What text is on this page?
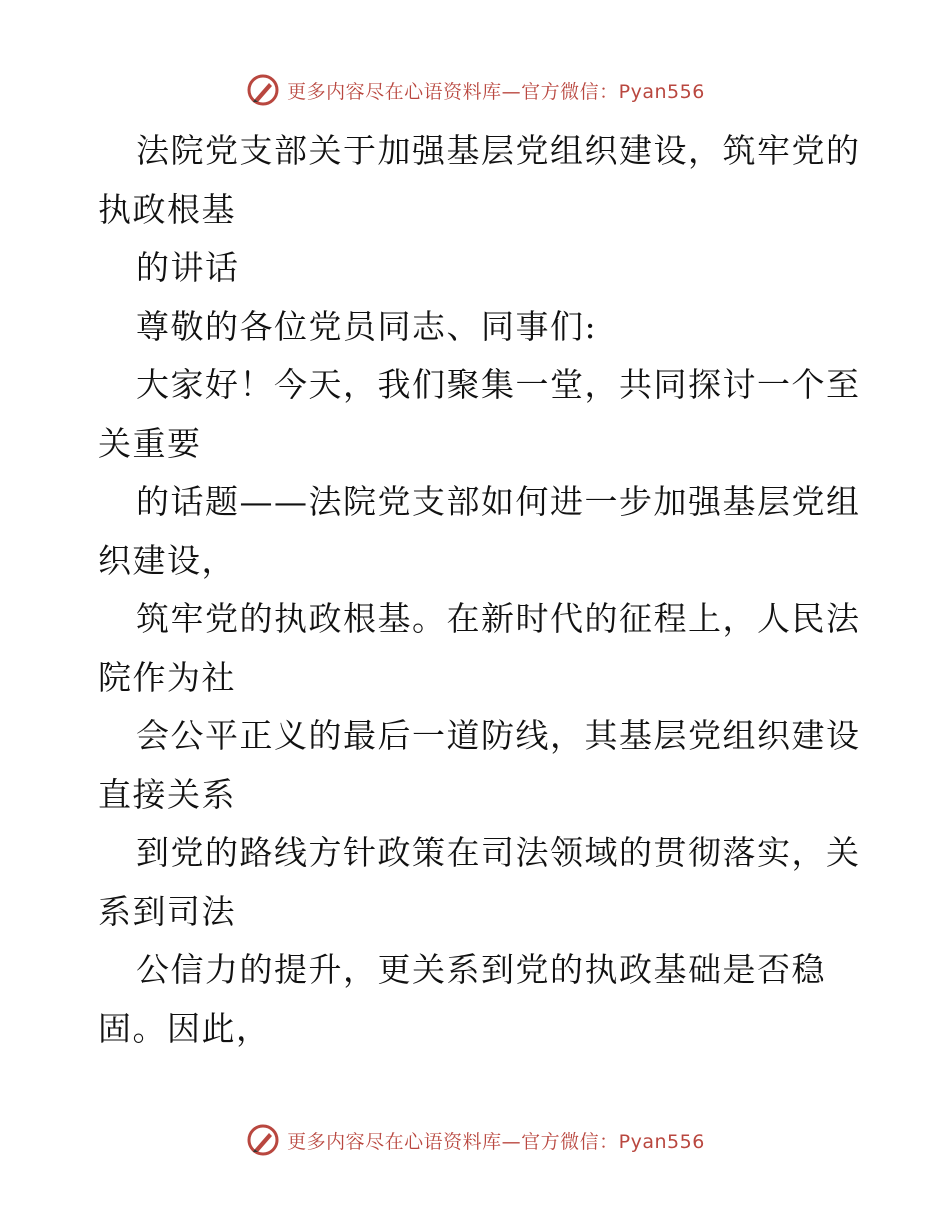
更多内容尽在心语资料库—官方微信：Pyan556
法院党支部关于加强基层党组织建设，筑牢党的
执政根基
的讲话
尊敬的各位党员同志、同事们:
大家好！今天，我们聚集一堂，共同探讨一个至
关重要
的话题——法院党支部如何进一步加强基层党组
织建设，
筑牢党的执政根基。在新时代的征程上，人民法
院作为社
会公平正义的最后一道防线，其基层党组织建设
直接关系
到党的路线方针政策在司法领域的贯彻落实，关
系到司法
公信力的提升，更关系到党的执政基础是否稳
固。因此，
更多内容尽在心语资料库—官方微信：Pyan556
